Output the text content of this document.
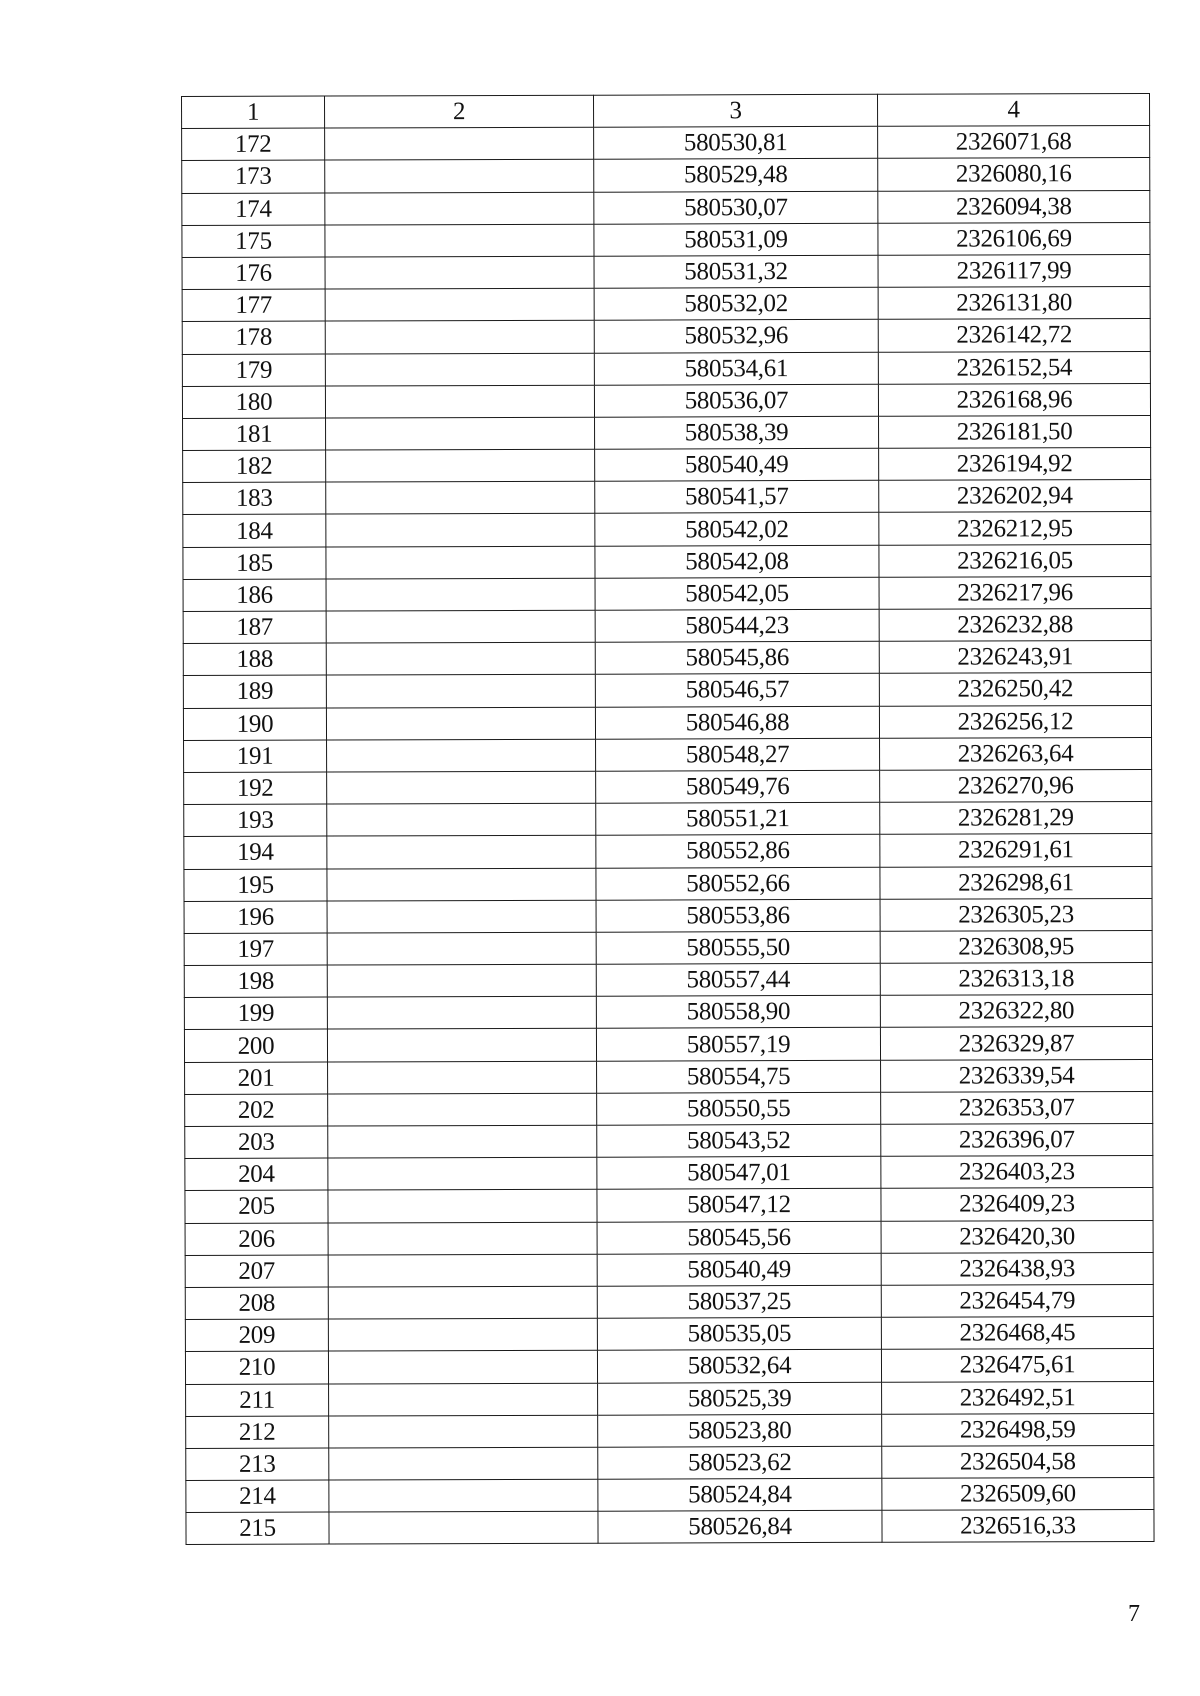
1	2	3	4
172		580530,81	2326071,68
173		580529,48	2326080,16
174		580530,07	2326094,38
175		580531,09	2326106,69
176		580531,32	2326117,99
177		580532,02	2326131,80
178		580532,96	2326142,72
179		580534,61	2326152,54
180		580536,07	2326168,96
181		580538,39	2326181,50
182		580540,49	2326194,92
183		580541,57	2326202,94
184		580542,02	2326212,95
185		580542,08	2326216,05
186		580542,05	2326217,96
187		580544,23	2326232,88
188		580545,86	2326243,91
189		580546,57	2326250,42
190		580546,88	2326256,12
191		580548,27	2326263,64
192		580549,76	2326270,96
193		580551,21	2326281,29
194		580552,86	2326291,61
195		580552,66	2326298,61
196		580553,86	2326305,23
197		580555,50	2326308,95
198		580557,44	2326313,18
199		580558,90	2326322,80
200		580557,19	2326329,87
201		580554,75	2326339,54
202		580550,55	2326353,07
203		580543,52	2326396,07
204		580547,01	2326403,23
205		580547,12	2326409,23
206		580545,56	2326420,30
207		580540,49	2326438,93
208		580537,25	2326454,79
209		580535,05	2326468,45
210		580532,64	2326475,61
211		580525,39	2326492,51
212		580523,80	2326498,59
213		580523,62	2326504,58
214		580524,84	2326509,60
215		580526,84	2326516,33
7
